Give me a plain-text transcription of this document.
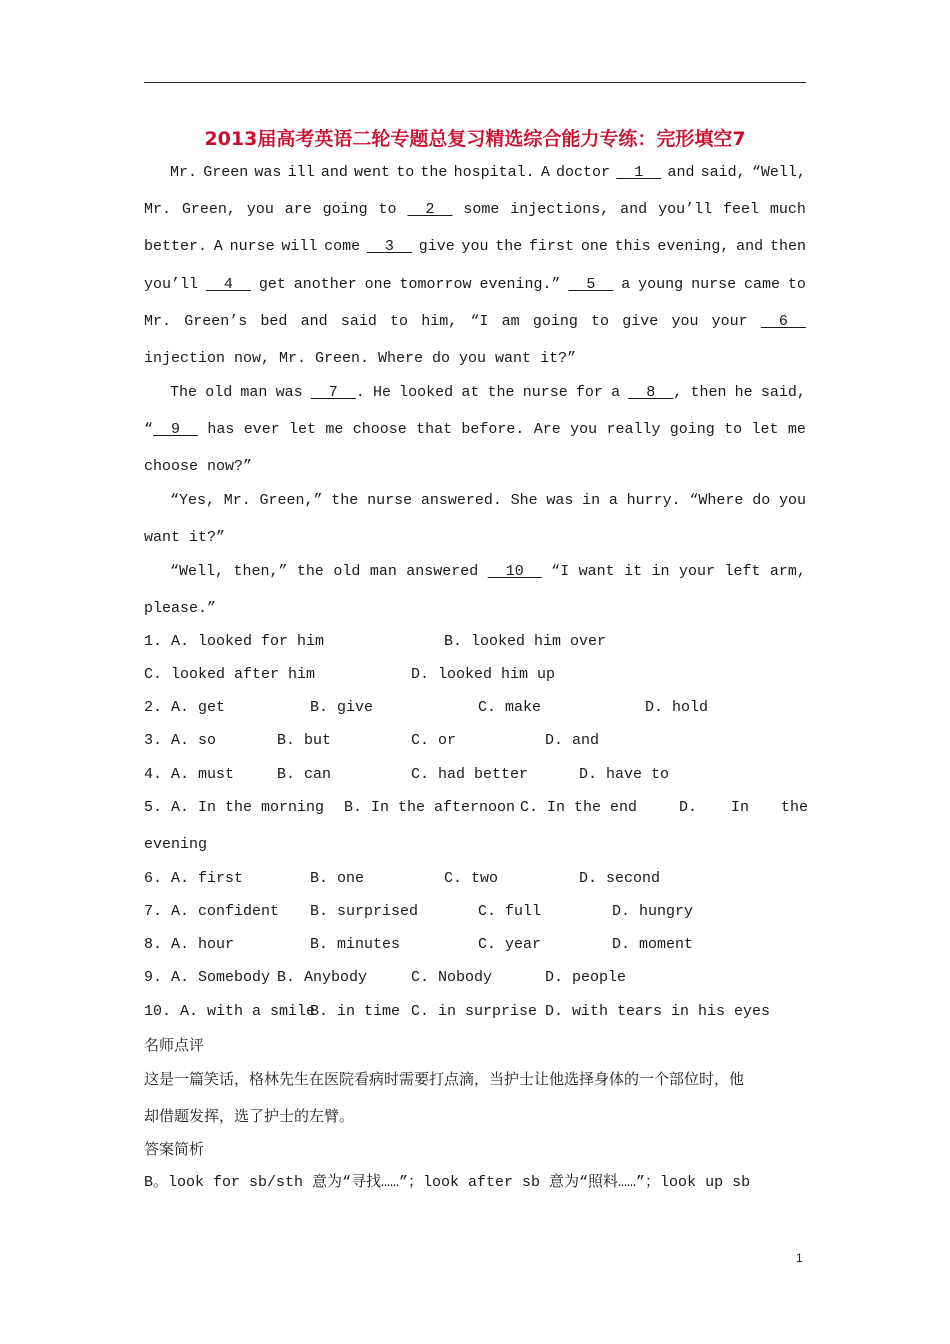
2013届高考英语二轮专题总复习精选综合能力专练：完形填空7
Mr. Green was ill and went to the hospital. A doctor 1 and said, “Well,
Mr. Green, you are going to 2 some injections, and you’ll feel much
better. A nurse will come 3 give you the first one this evening, and then
you’ll 4 get another one tomorrow evening.” 5 a young nurse came to
Mr. Green’s bed and said to him, “I am going to give you your 6
injection now, Mr. Green. Where do you want it?”
The old man was 7  . He looked at the nurse for a 8  , then he said,
“  9 has ever let me choose that before. Are you really going to let me
choose now?”
“Yes, Mr. Green,” the nurse answered. She was in a hurry. “Where do you
want it?”
“Well, then,” the old man answered 10 “I want it in your left arm,
please.”
1. A. looked for him	B. looked him over
C. looked after him	D. looked him up
2. A. get	B. give	C. make	D. hold
3. A. so	B. but	C. or	D. and
4. A. must	B. can	C. had better	D. have to
5. A. In the morning B. In the afternoon C. In the end	D. In the
evening
6. A. first	B. one	C. two	D. second
7. A. confident B. surprised	C. full	D. hungry
8. A. hour	B. minutes	C. year	D. moment
9. A. Somebody B. Anybody	C. Nobody	D. people
10. A. with a smile
B. in time C. in surprise D. with tears in his eyes
名师点评
这是一篇笑话，格林先生在医院看病时需要打点滴，当护士让他选择身体的一个部位时，他
却借题发挥，选了护士的左臂。
答案简析
B。look for sb/sth 意为“寻找……”；look after sb 意为“照料……”；look up sb
1
